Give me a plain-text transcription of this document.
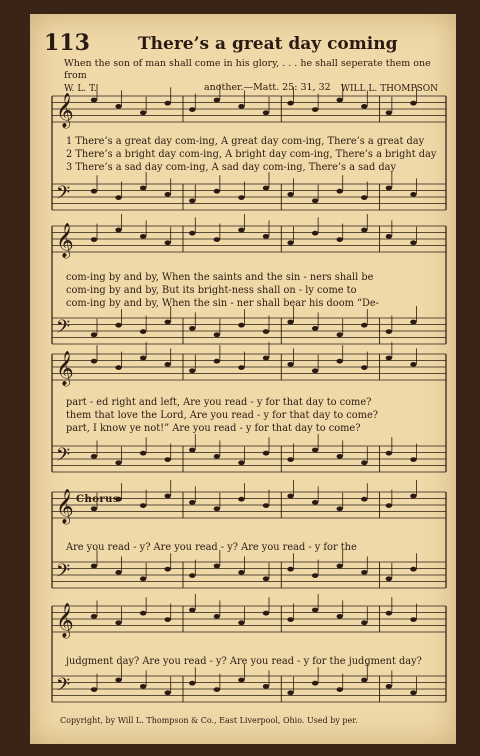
113	There’s a great day coming
When the son of man shall come in his glory, . . . he shall seperate them one from
another.—Matt. 25: 31, 32
W. L. T.	WILL L. THOMPSON
𝄞
𝄢
𝄞
𝄢
𝄞
𝄢
𝄞
𝄢
𝄞
𝄢
1 There’s a great day com-ing, A great day com-ing, There’s a great day
2 There’s a bright day com-ing, A bright day com-ing, There’s a bright day
3 There’s a sad day com-ing, A sad day com-ing, There’s a sad day
com-ing by and by, When the saints and the sin - ners shall be
com-ing by and by, But its bright-ness shall on - ly come to
com-ing by and by, When the sin - ner shall bear his doom “De-
part - ed right and left, Are you read - y for that day to come?
them that love the Lord, Are you read - y for that day to come?
part, I know ye not!” Are you read - y for that day to come?
Chorus
Are you read - y? Are you read - y? Are you read - y for the
judgment day? Are you read - y? Are you read - y for the judgment day?
Copyright, by Will L. Thompson & Co., East Liverpool, Ohio. Used by per.
